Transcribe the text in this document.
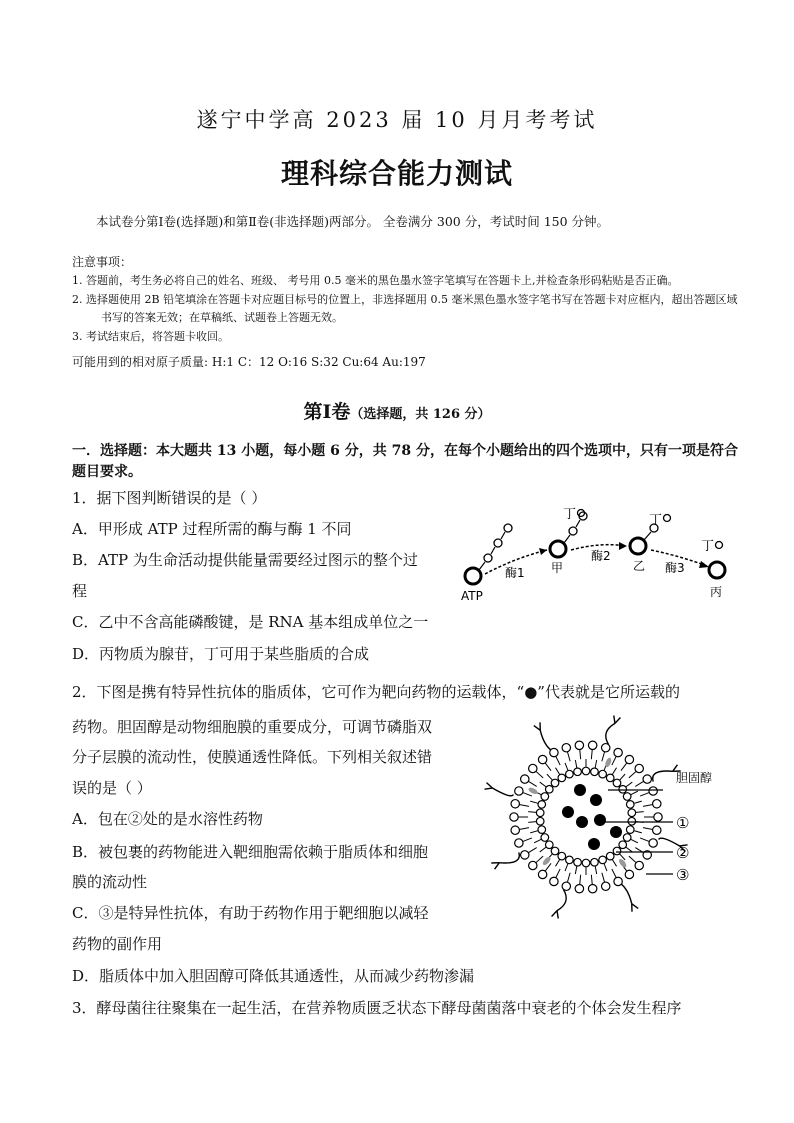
遂宁中学高 2023 届 10 月月考考试
理科综合能力测试
本试卷分第Ⅰ卷(选择题)和第Ⅱ卷(非选择题)两部分。 全卷满分 300 分，考试时间 150 分钟。
注意事项：
1. 答题前，考生务必将自己的姓名、班级、 考号用 0.5 毫米的黑色墨水签字笔填写在答题卡上,并检查条形码粘贴是否正确。
2. 选择题使用 2B 铅笔填涂在答题卡对应题目标号的位置上，非选择题用 0.5 毫米黑色墨水签字笔书写在答题卡对应框内，超出答题区域
书写的答案无效；在草稿纸、试题卷上答题无效。
3. 考试结束后，将答题卡收回。
可能用到的相对原子质量: H:1 C：12 O:16 S:32 Cu:64 Au:197
第Ⅰ卷（选择题，共 126 分）
一．选择题：本大题共 13 小题，每小题 6 分，共 78 分，在每个小题给出的四个选项中，只有一项是符合
题目要求。
1．据下图判断错误的是（ ）
A．甲形成 ATP 过程所需的酶与酶 1 不同
B．ATP 为生命活动提供能量需要经过图示的整个过
程
C．乙中不含高能磷酸键，是 RNA 基本组成单位之一
D．丙物质为腺苷，丁可用于某些脂质的合成
ATP
酶1 甲
丁
酶2
乙
丁
酶3
丙
丁
2．下图是携有特异性抗体的脂质体，它可作为靶向药物的运载体，“●”代表就是它所运载的
药物。胆固醇是动物细胞膜的重要成分，可调节磷脂双
分子层膜的流动性，使膜通透性降低。下列相关叙述错
误的是（ ）
A．包在②处的是水溶性药物
B．被包裹的药物能进入靶细胞需依赖于脂质体和细胞
膜的流动性
C．③是特异性抗体，有助于药物作用于靶细胞以减轻
药物的副作用
D．脂质体中加入胆固醇可降低其通透性，从而减少药物渗漏
胆固醇
①
②
③
3．酵母菌往往聚集在一起生活，在营养物质匮乏状态下酵母菌菌落中衰老的个体会发生程序
